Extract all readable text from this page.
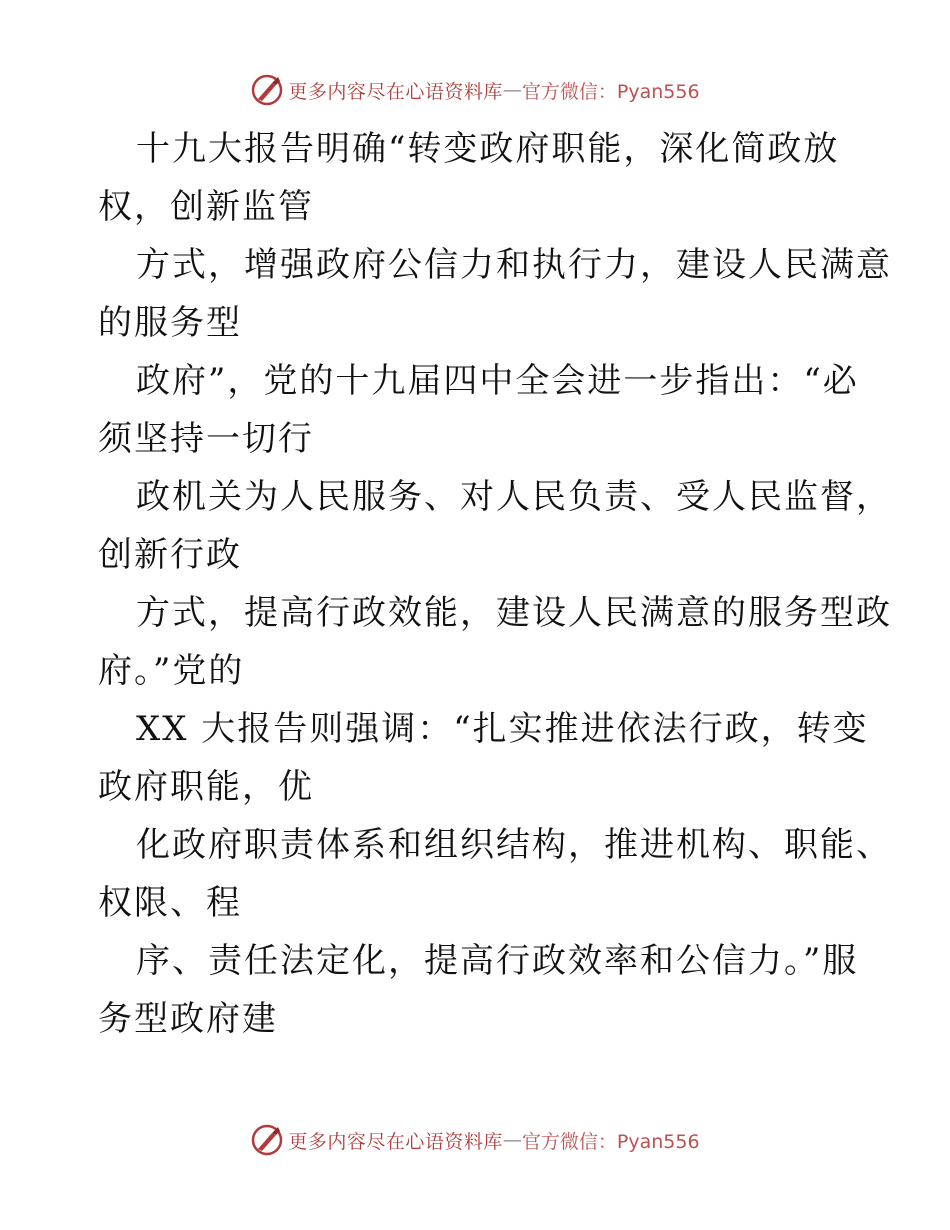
更多内容尽在心语资料库 — 官方微信：Pyan556
十九大报告明确“转变政府职能，深化简政放
权，创新监管
方式，增强政府公信力和执行力，建设人民满意
的服务型
政府”，党的十九届四中全会进一步指出：“必
须坚持一切行
政机关为人民服务、对人民负责、受人民监督，
创新行政
方式，提高行政效能，建设人民满意的服务型政
府。”党的
XX 大报告则强调：“扎实推进依法行政，转变
政府职能，优
化政府职责体系和组织结构，推进机构、职能、
权限、程
序、责任法定化，提高行政效率和公信力。”服
务型政府建
更多内容尽在心语资料库 — 官方微信：Pyan556
